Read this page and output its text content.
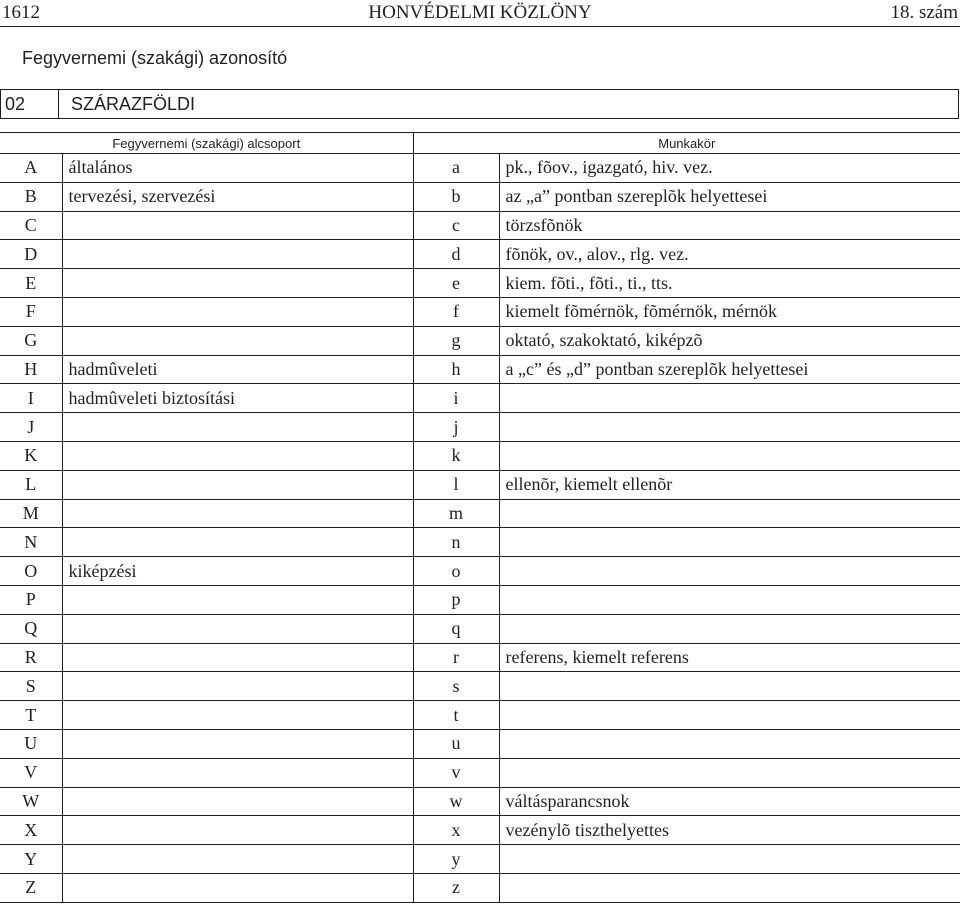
1612	HONVÉDELMI KÖZLÖNY	18. szám
Fegyvernemi (szakági) azonosító
02	SZÁRAZFÖLDI
Fegyvernemi (szakági) alcsoport		Munkakör	
A	általános	a	pk., fõov., igazgató, hiv. vez.
B	tervezési, szervezési	b	az „a” pontban szereplõk helyettesei
C		c	törzsfõnök
D		d	fõnök, ov., alov., rlg. vez.
E		e	kiem. fõti., fõti., ti., tts.
F		f	kiemelt fõmérnök, fõmérnök, mérnök
G		g	oktató, szakoktató, kiképzõ
H	hadmûveleti	h	a „c” és „d” pontban szereplõk helyettesei
I	hadmûveleti biztosítási	i	
J		j	
K		k	
L		l	ellenõr, kiemelt ellenõr
M		m	
N		n	
O	kiképzési	o	
P		p	
Q		q	
R		r	referens, kiemelt referens
S		s	
T		t	
U		u	
V		v	
W		w	váltásparancsnok
X		x	vezénylõ tiszthelyettes
Y		y	
Z		z	
